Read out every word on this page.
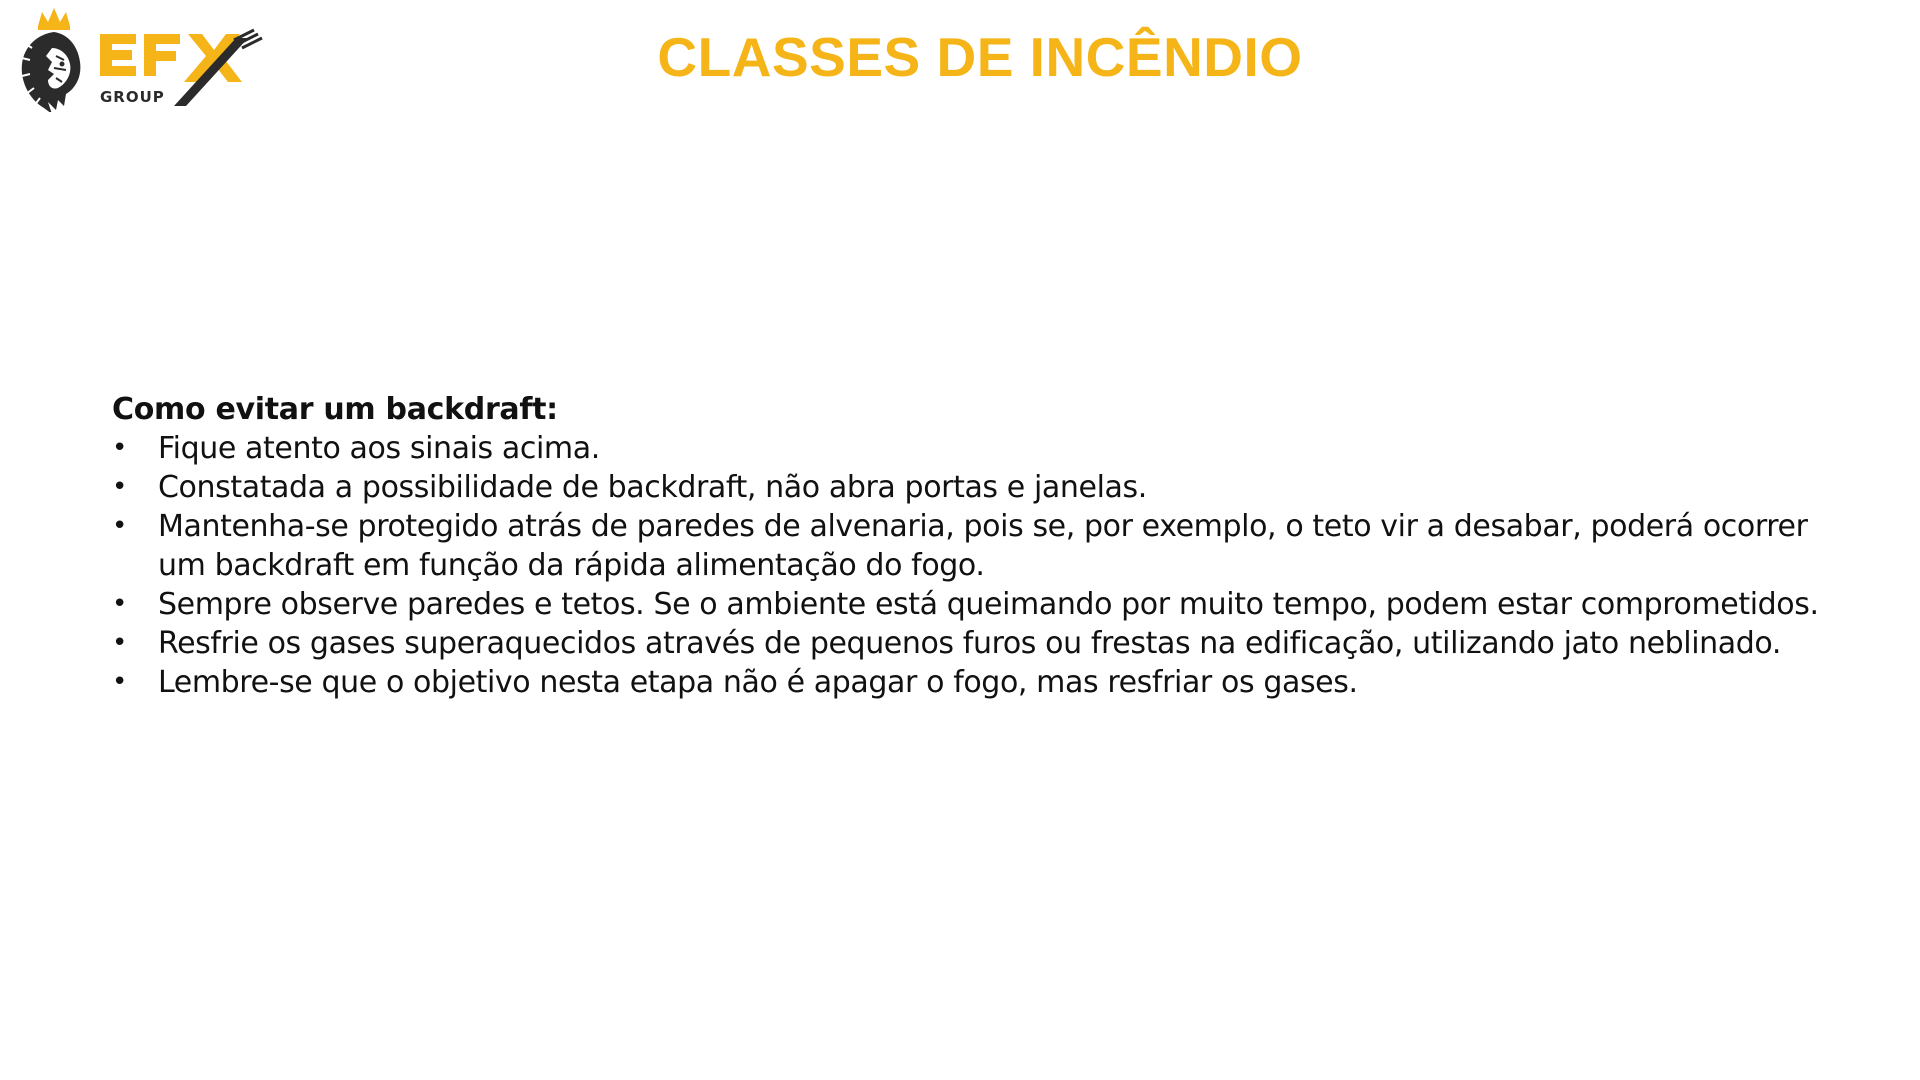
GROUP
CLASSES DE INCÊNDIO

Como evitar um backdraft:

•	Fique atento aos sinais acima.
•	Constatada a possibilidade de backdraft, não abra portas e janelas.
•	Mantenha-se protegido atrás de paredes de alvenaria, pois se, por exemplo, o teto vir a desabar, poderá ocorrer um backdraft em função da rápida alimentação do fogo.
•	Sempre observe paredes e tetos. Se o ambiente está queimando por muito tempo, podem estar comprometidos.
•	Resfrie os gases superaquecidos através de pequenos furos ou frestas na edificação, utilizando jato neblinado.
•	Lembre-se que o objetivo nesta etapa não é apagar o fogo, mas resfriar os gases.
